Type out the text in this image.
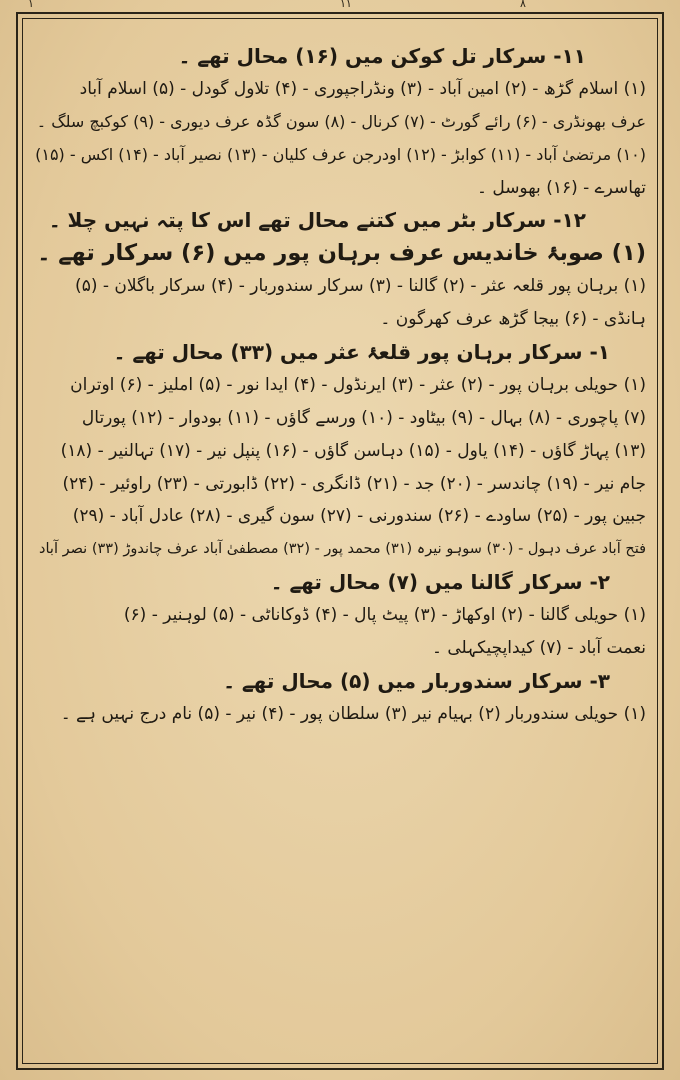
۱	۱۱	۸
۱۱- سرکار تل کوکن میں (۱۶) محال تھے ۔
(۱) اسلام گڑھ - (۲) امین آباد - (۳) ونڈراجپوری - (۴) تلاول گودل - (۵) اسلام آباد
عرف بھونڈری - (۶) رائے گورٹ - (۷) کرنال - (۸) سون گڈہ عرف دیوری - (۹) کوکبچ سلگ ۔
(۱۰) مرتضیٰ آباد - (۱۱) کوابڑ - (۱۲) اودرجن عرف کلیان - (۱۳) نصیر آباد - (۱۴) اکس - (۱۵)
تھاسرے - (۱۶) بھوسل ۔
۱۲- سرکار بٹر میں کتنے محال تھے اس کا پتہ نہیں چلا ۔
(۱) صوبۂ خاندیس عرف برہان پور میں (۶) سرکار تھے ۔
(۱) برہان پور قلعہ عثر - (۲) گالنا - (۳) سرکار سندوربار - (۴) سرکار باگلان - (۵)
ہانڈی - (۶) بیجا گڑھ عرف کھرگون ۔
۱- سرکار برہان پور قلعۂ عثر میں (۳۳) محال تھے ۔
(۱) حویلی برہان پور - (۲) عثر - (۳) ایرنڈول - (۴) ایدا نور - (۵) املیز - (۶) اوتران
(۷) پاچوری - (۸) بہال - (۹) بیٹاود - (۱۰) ورسے گاؤں - (۱۱) بودوار - (۱۲) پورتال
(۱۳) پہاڑ گاؤں - (۱۴) یاول - (۱۵) دہاسن گاؤں - (۱۶) پنپل نیر - (۱۷) تہالنیر - (۱۸)
جام نیر - (۱۹) چاندسر - (۲۰) جد - (۲۱) ڈانگری - (۲۲) ڈابورتی - (۲۳) راوئیر - (۲۴)
جبین پور - (۲۵) ساودے - (۲۶) سندورنی - (۲۷) سون گیری - (۲۸) عادل آباد - (۲۹)
فتح آباد عرف دہول - (۳۰) سوہو نیرہ (۳۱) محمد پور - (۳۲) مصطفیٰ آباد عرف چاندوڑ (۳۳) نصر آباد
۲- سرکار گالنا میں (۷) محال تھے ۔
(۱) حویلی گالنا - (۲) اوکھاڑ - (۳) پیٹ پال - (۴) ڈوکاناٹی - (۵) لوہنیر - (۶)
نعمت آباد - (۷) کیداپچیکہلی ۔
۳- سرکار سندوربار میں (۵) محال تھے ۔
(۱) حویلی سندوربار (۲) بہیام نیر (۳) سلطان پور - (۴) نیر - (۵) نام درج نہیں ہے ۔
